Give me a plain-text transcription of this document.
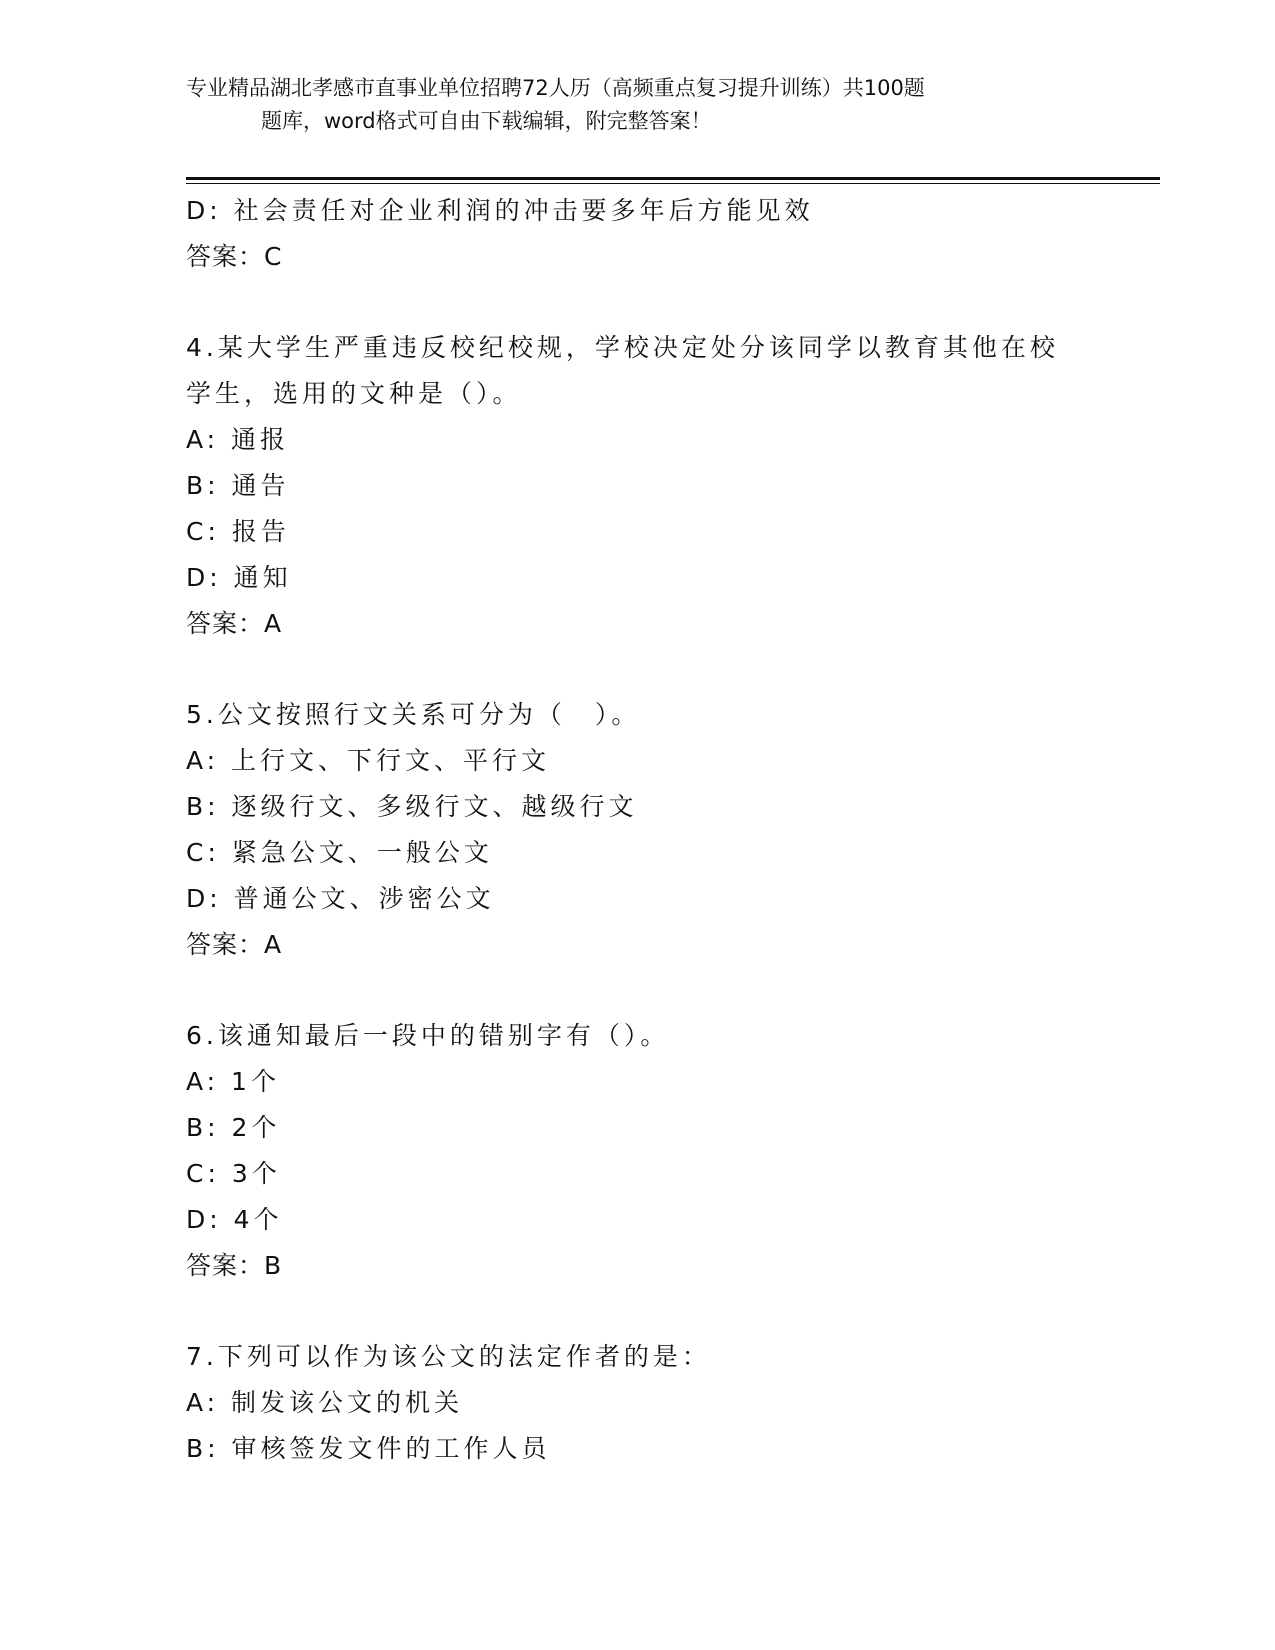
专业精品湖北孝感市直事业单位招聘72人历（高频重点复习提升训练）共100题
题库，word格式可自由下载编辑，附完整答案！
D: 社会责任对企业利润的冲击要多年后方能见效
答案：C
4.某大学生严重违反校纪校规，学校决定处分该同学以教育其他在校
学生，选用的文种是（）。
A: 通报
B: 通告
C: 报告
D: 通知
答案：A
5.公文按照行文关系可分为（　）。
A: 上行文、下行文、平行文
B: 逐级行文、多级行文、越级行文
C: 紧急公文、一般公文
D: 普通公文、涉密公文
答案：A
6.该通知最后一段中的错别字有（）。
A: 1个
B: 2个
C: 3个
D: 4个
答案：B
7.下列可以作为该公文的法定作者的是：
A: 制发该公文的机关
B: 审核签发文件的工作人员
